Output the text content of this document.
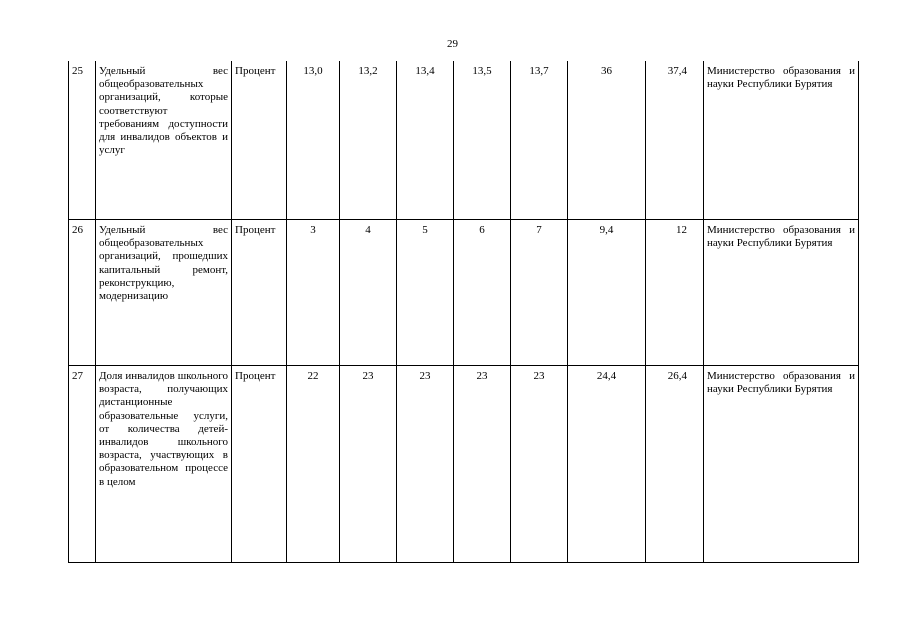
29
25	Удельный вес общеобразовательных организаций, которые соответствуют требованиям доступности для инвалидов объектов и услуг	Процент	13,0	13,2	13,4	13,5	13,7	36	37,4	Министерство образования и науки Республики Бурятия
26	Удельный вес общеобразовательных организаций, прошедших капитальный ремонт, реконструкцию, модернизацию	Процент	3	4	5	6	7	9,4	12	Министерство образования и науки Республики Бурятия
27	Доля инвалидов школьного возраста, получающих дистанционные образовательные услуги, от количества детей-инвалидов школьного возраста, участвующих в образовательном процессе в целом	Процент	22	23	23	23	23	24,4	26,4	Министерство образования и науки Республики Бурятия
